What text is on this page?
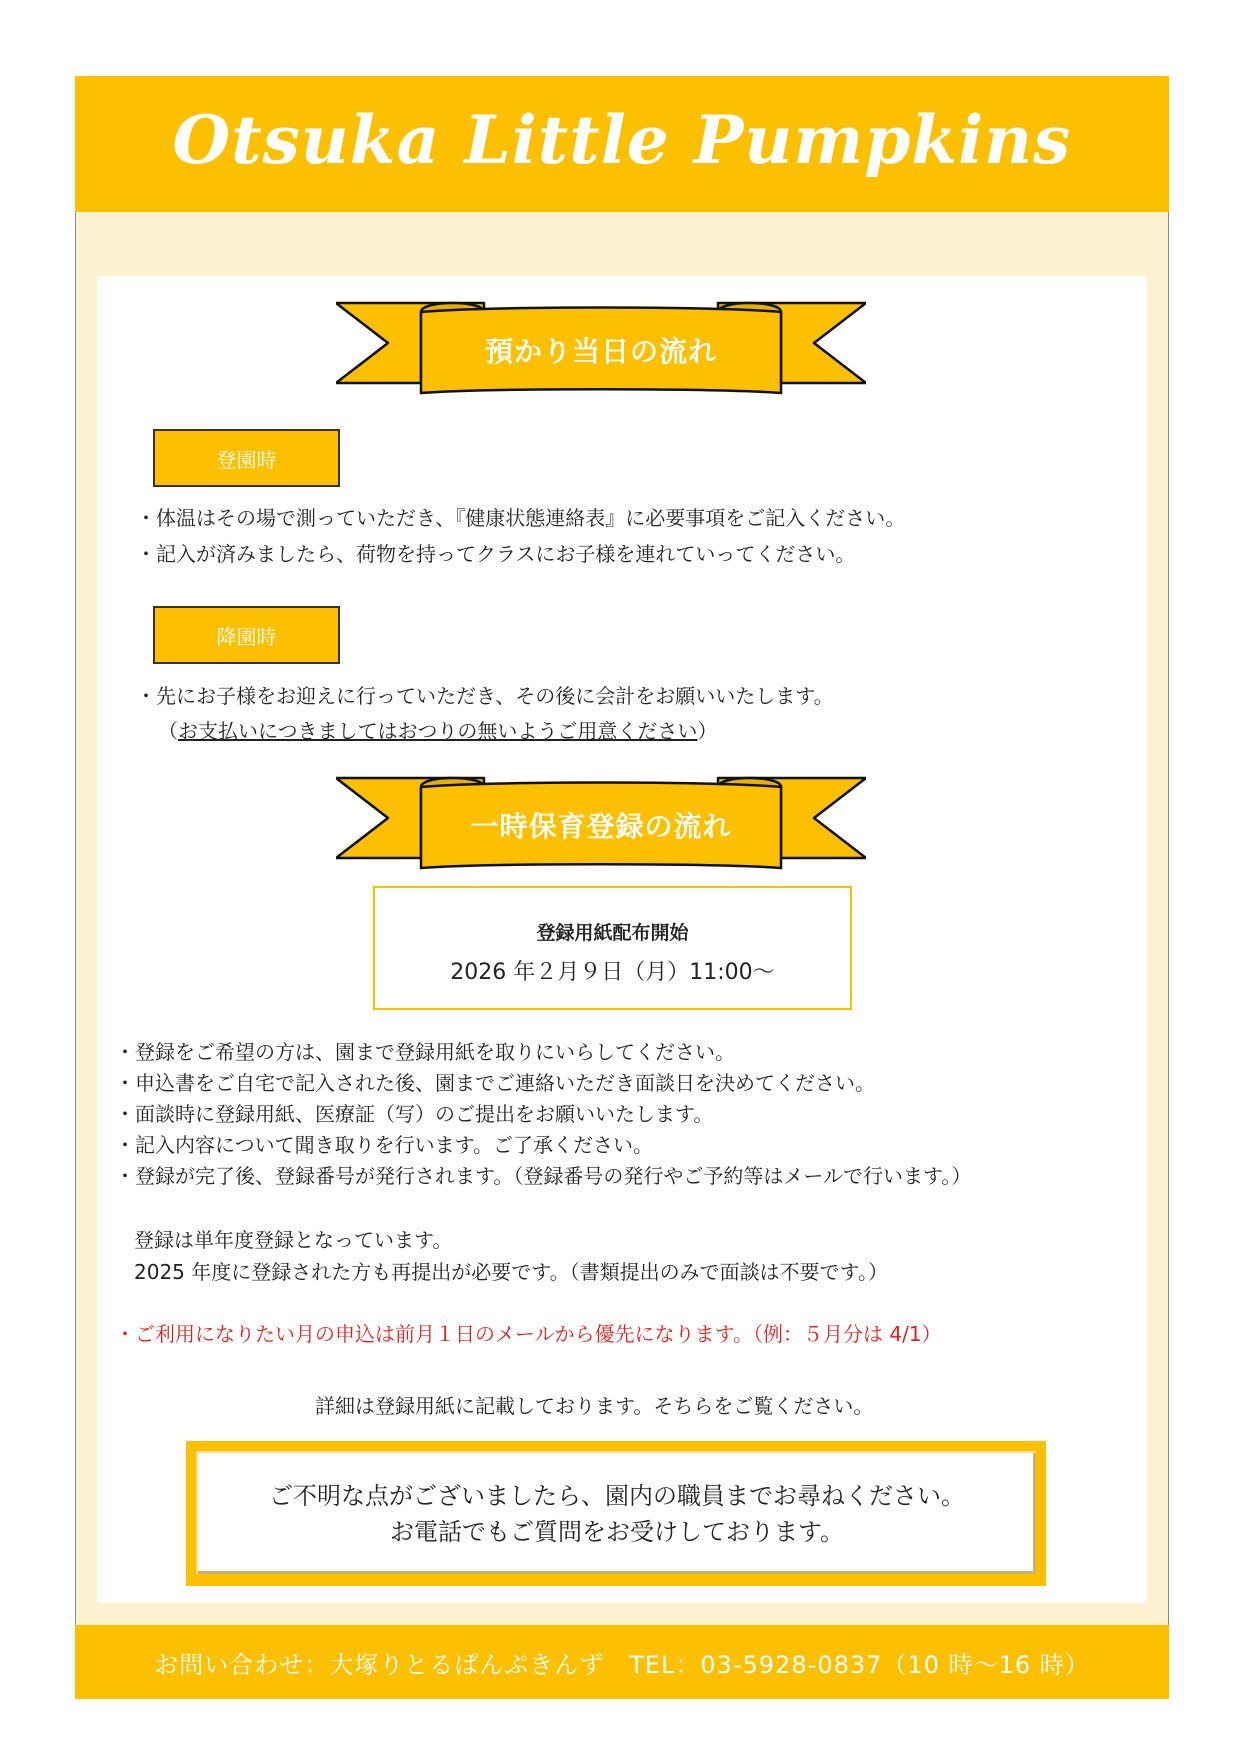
Otsuka Little Pumpkins
預かり当日の流れ
登園時
・体温はその場で測っていただき、『健康状態連絡表』に必要事項をご記入ください。
・記入が済みましたら、荷物を持ってクラスにお子様を連れていってください。
降園時
・先にお子様をお迎えに行っていただき、その後に会計をお願いいたします。
（お支払いにつきましてはおつりの無いようご用意ください）
一時保育登録の流れ
登録用紙配布開始
2026 年２月９日（月）11:00～
・登録をご希望の方は、園まで登録用紙を取りにいらしてください。
・申込書をご自宅で記入された後、園までご連絡いただき面談日を決めてください。
・面談時に登録用紙、医療証（写）のご提出をお願いいたします。
・記入内容について聞き取りを行います。ご了承ください。
・登録が完了後、登録番号が発行されます。（登録番号の発行やご予約等はメールで行います。）
登録は単年度登録となっています。
2025 年度に登録された方も再提出が必要です。（書類提出のみで面談は不要です。）
・ご利用になりたい月の申込は前月１日のメールから優先になります。（例：５月分は 4/1）
詳細は登録用紙に記載しております。そちらをご覧ください。
ご不明な点がございましたら、園内の職員までお尋ねください。
お電話でもご質問をお受けしております。
お問い合わせ：大塚りとるぱんぷきんず　TEL：03-5928-0837（10 時～16 時）
